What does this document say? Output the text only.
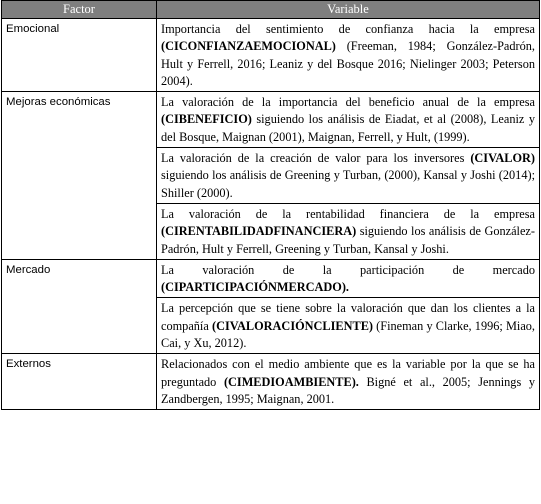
Factor	Variable
Emocional	Importancia del sentimiento de confianza hacia la empresa (CICONFIANZAEMOCIONAL) (Freeman, 1984; González-Padrón, Hult y Ferrell, 2016; Leaniz y del Bosque 2016; Nielinger 2003; Peterson 2004).
Mejoras económicas	La valoración de la importancia del beneficio anual de la empresa (CIBENEFICIO) siguiendo los análisis de Eiadat, et al (2008), Leaniz y del Bosque, Maignan (2001), Maignan, Ferrell, y Hult, (1999).
	La valoración de la creación de valor para los inversores (CIVALOR) siguiendo los análisis de Greening y Turban, (2000), Kansal y Joshi (2014); Shiller (2000).
	La valoración de la rentabilidad financiera de la empresa (CIRENTABILIDADFINANCIERA) siguiendo los análisis de González-Padrón, Hult y Ferrell, Greening y Turban, Kansal y Joshi.
Mercado	La valoración de la participación de mercado (CIPARTICIPACIÓNMERCADO).
	La percepción que se tiene sobre la valoración que dan los clientes a la compañía (CIVALORACIÓNCLIENTE) (Fineman y Clarke, 1996; Miao, Cai, y Xu, 2012).
Externos	Relacionados con el medio ambiente que es la variable por la que se ha preguntado (CIMEDIOAMBIENTE). Bigné et al., 2005; Jennings y Zandbergen, 1995; Maignan, 2001.
